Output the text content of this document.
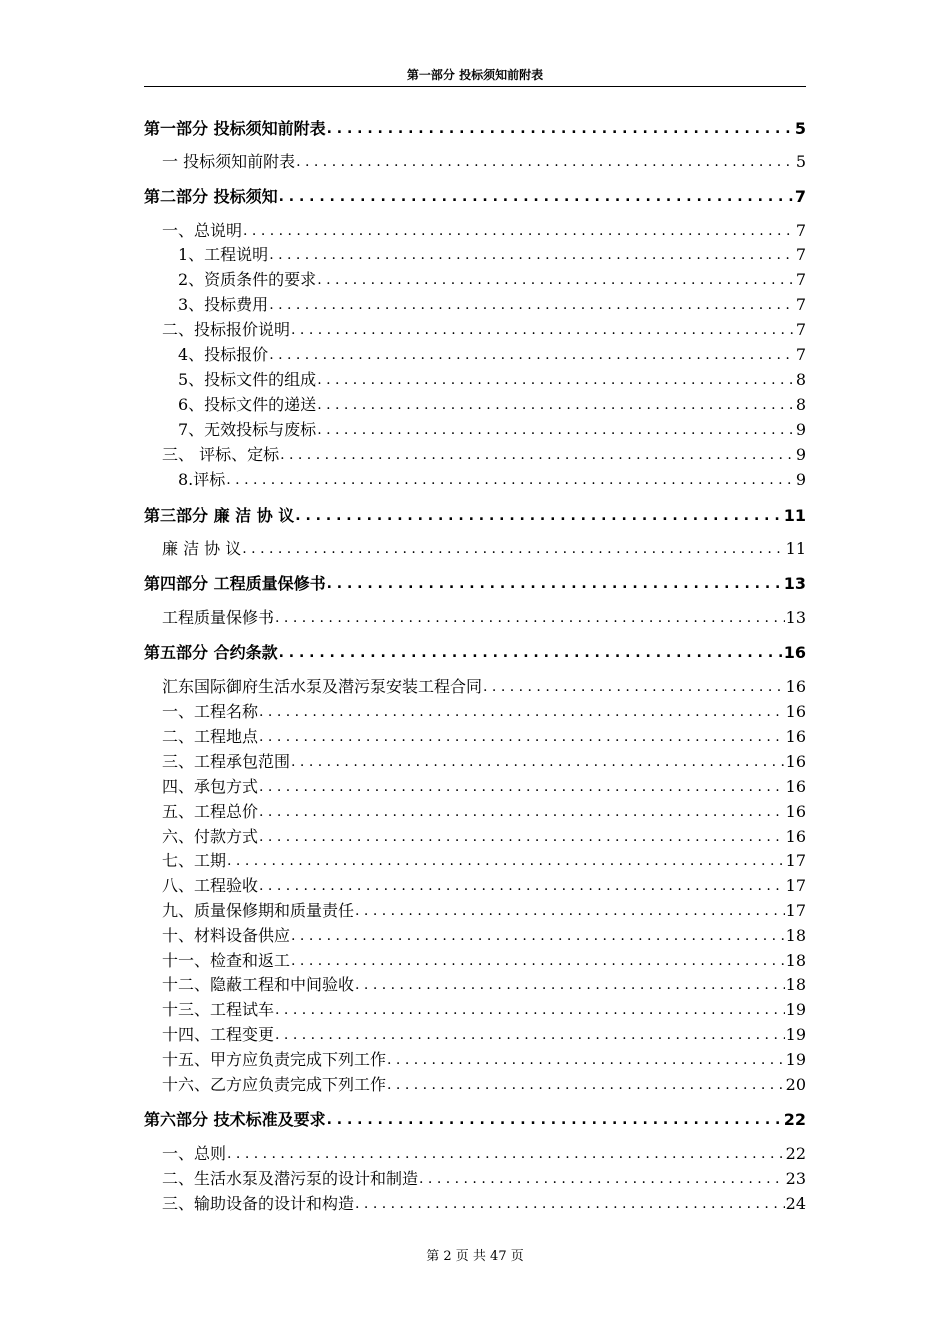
第一部分 投标须知前附表
第一部分 投标须知前附表 . . .	5
一 投标须知前附表 . . .	5
第二部分 投标须知 . . .	7
一、总说明 . . .	7
1、工程说明 . . .	7
2、资质条件的要求 . . .	7
3、投标费用 . . .	7
二、投标报价说明 . . .	7
4、投标报价 . . .	7
5、投标文件的组成 . . .	8
6、投标文件的递送 . . .	8
7、无效投标与废标 . . .	9
三、 评标、定标 . . .	9
8.评标 . . .	9
第三部分 廉 洁 协 议 . . .	11
廉 洁 协 议 . . .	11
第四部分 工程质量保修书 . . .	13
工程质量保修书 . . .	13
第五部分 合约条款 . . .	16
汇东国际御府生活水泵及潜污泵安装工程合同 . . .	16
一、工程名称 . . .	16
二、工程地点 . . .	16
三、工程承包范围 . . .	16
四、承包方式 . . .	16
五、工程总价 . . .	16
六、付款方式 . . .	16
七、工期 . . .	17
八、工程验收 . . .	17
九、质量保修期和质量责任 . . .	17
十、材料设备供应 . . .	18
十一、检查和返工 . . .	18
十二、隐蔽工程和中间验收 . . .	18
十三、工程试车 . . .	19
十四、工程变更 . . .	19
十五、甲方应负责完成下列工作 . . .	19
十六、乙方应负责完成下列工作 . . .	20
第六部分 技术标准及要求 . . .	22
一、总则 . . .	22
二、生活水泵及潜污泵的设计和制造 . . .	23
三、输助设备的设计和构造 . . .	24
第 2 页 共 47 页
